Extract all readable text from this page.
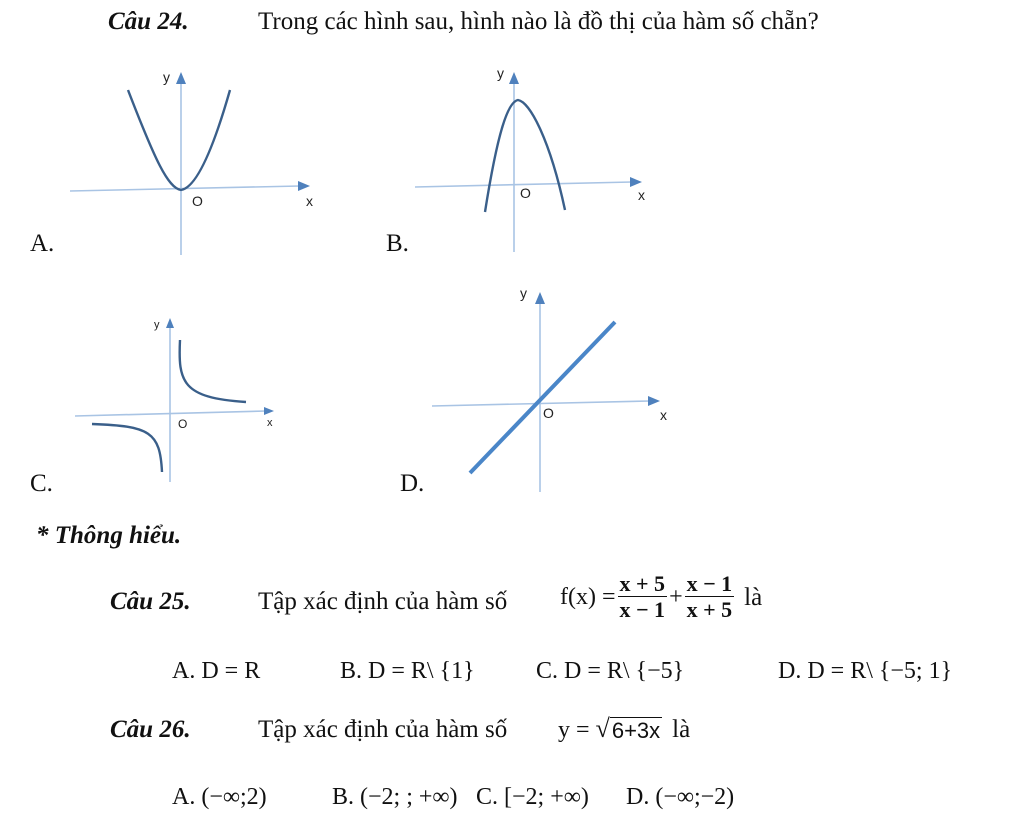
Câu 24.	Trong các hình sau, hình nào là đồ thị của hàm số chẵn?
y
O	x
A.
y
O	x
B.
y
O	x
C.
y
O	x
D.
* Thông hiểu.
Câu 25.	Tập xác định của hàm số $f(x) = \frac{x + 5}{x - 1} + \frac{x - 1}{x + 5}$ là
A. D = R	B. D = R\ {1}	C. D = R\ {−5}	D. D = R\ {−5; 1}
Câu 26.	Tập xác định của hàm số y = √ 6+3x là
A. (−∞;2)	B. (−2; ; +∞) C. [−2; +∞) D. (−∞;−2)
